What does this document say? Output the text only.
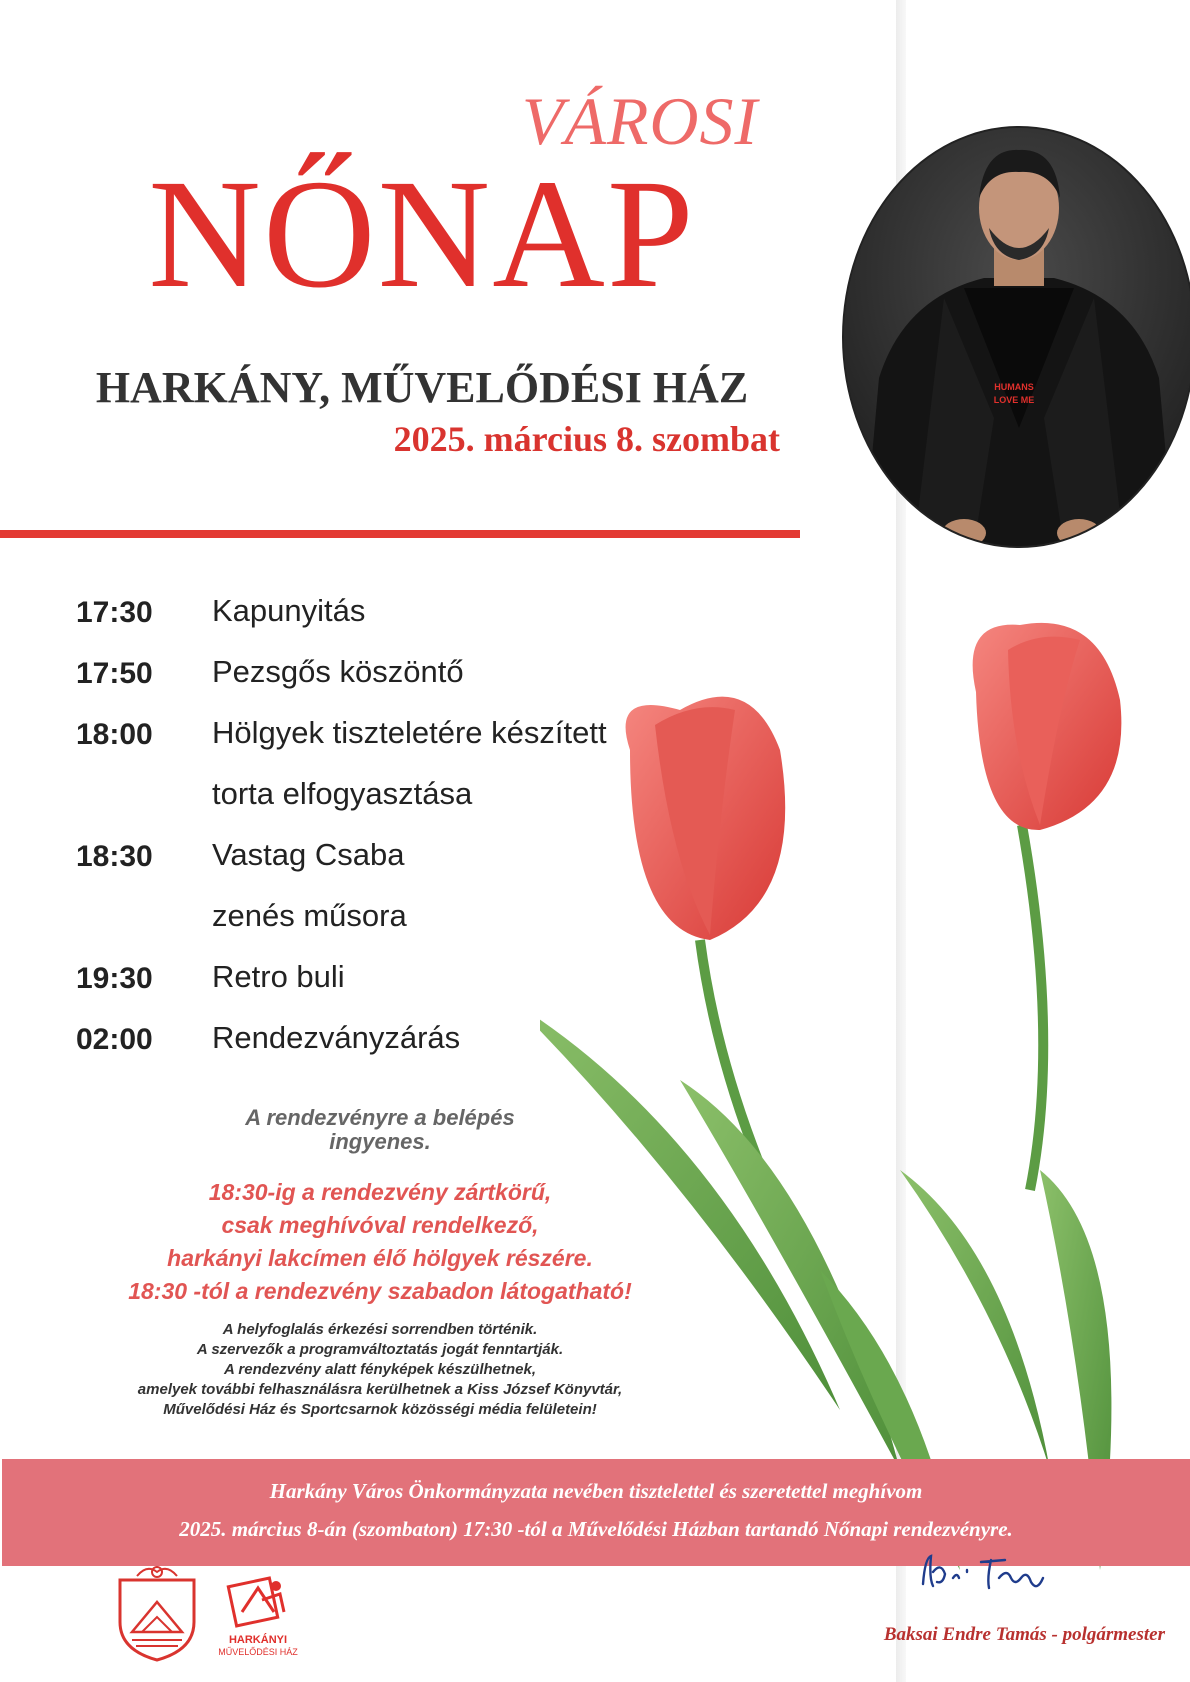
VÁROSI
NŐNAP
HARKÁNY, MŰVELŐDÉSI HÁZ
2025. március 8. szombat
HUMANS
LOVE ME
17:30 Kapunyitás
17:50 Pezsgős köszöntő
18:00 Hölgyek tiszteletére készített
torta elfogyasztása
18:30 Vastag Csaba
zenés műsora
19:30 Retro buli
02:00 Rendezványzárás
A rendezvényre a belépés
ingyenes.
18:30-ig a rendezvény zártkörű,
csak meghívóval rendelkező,
harkányi lakcímen élő hölgyek részére.
18:30 -tól a rendezvény szabadon látogatható!
A helyfoglalás érkezési sorrendben történik.
A szervezők a programváltoztatás jogát fenntartják.
A rendezvény alatt fényképek készülhetnek,
amelyek további felhasználásra kerülhetnek a Kiss József Könyvtár,
Művelődési Ház és Sportcsarnok közösségi média felületein!
Harkány Város Önkormányzata nevében tisztelettel és szeretettel meghívom
2025. március 8-án (szombaton) 17:30 -tól a Művelődési Házban tartandó Nőnapi rendezvényre.
HARKÁNYI
MŰVELŐDÉSI HÁZ
Baksai Endre Tamás - polgármester
